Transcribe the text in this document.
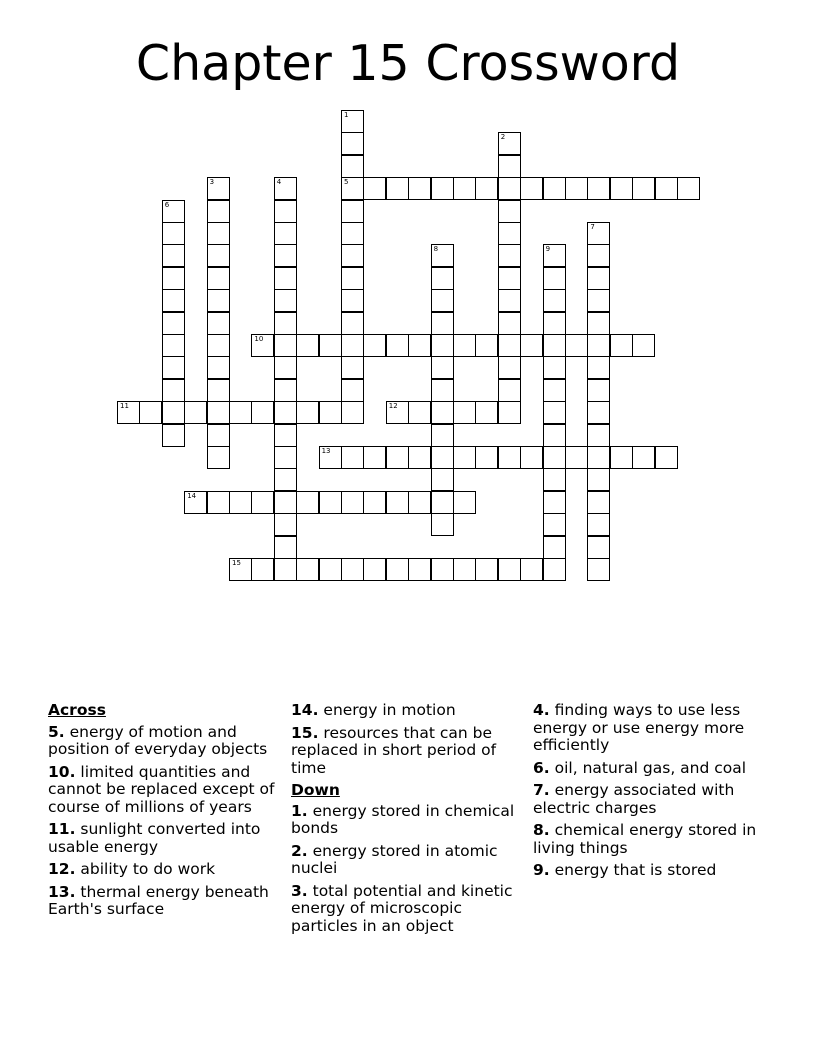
Chapter 15 Crossword
1
5
2
3	4
6
7
8	9
10
11	12
13
14
15
Across
5. energy of motion and position of everyday objects
10. limited quantities and cannot be replaced except of course of millions of years
11. sunlight converted into usable energy
12. ability to do work
13. thermal energy beneath Earth's surface
14. energy in motion
15. resources that can be replaced in short period of time
Down
1. energy stored in chemical bonds
2. energy stored in atomic nuclei
3. total potential and kinetic energy of microscopic particles in an object
4. finding ways to use less energy or use energy more efficiently
6. oil, natural gas, and coal
7. energy associated with electric charges
8. chemical energy stored in living things
9. energy that is stored
